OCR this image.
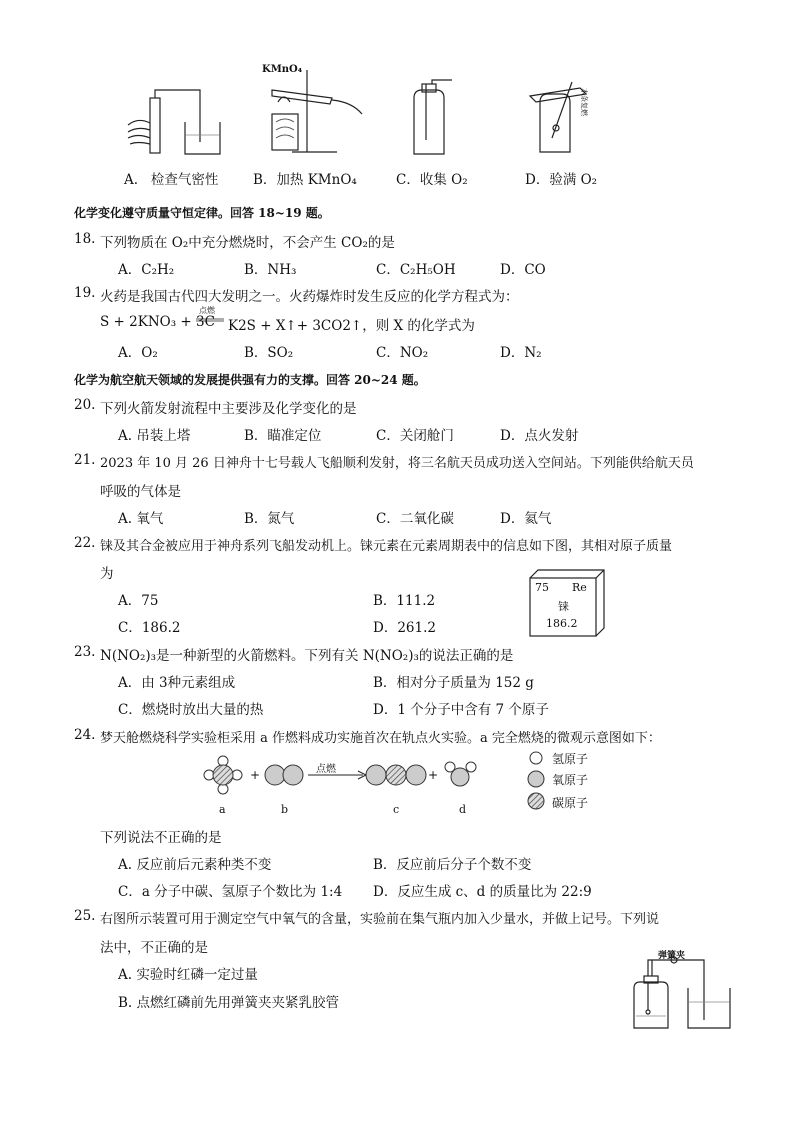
KMnO₄
木条复燃
A. 检查气密性	B．加热 KMnO₄	C．收集 O₂	D．验满 O₂
化学变化遵守质量守恒定律。回答 18~19 题。
18. 下列物质在 O₂中充分燃烧时，不会产生 CO₂的是
A．C₂H₂	B．NH₃	C．C₂H₅OH	D．CO
19. 火药是我国古代四大发明之一。火药爆炸时发生反应的化学方程式为：
S + 2KNO₃ + 3C
点燃
K2S + X↑+ 3CO2↑，则 X 的化学式为
A．O₂	B．SO₂	C．NO₂	D．N₂
化学为航空航天领域的发展提供强有力的支撑。回答 20~24 题。
20. 下列火箭发射流程中主要涉及化学变化的是
A. 吊装上塔	B．瞄准定位	C．关闭舱门	D．点火发射
21. 2023 年 10 月 26 日神舟十七号载人飞船顺利发射，将三名航天员成功送入空间站。下列能供给航天员
呼吸的气体是
A. 氧气	B．氮气	C．二氧化碳	D．氦气
22. 铼及其合金被应用于神舟系列飞船发动机上。铼元素在元素周期表中的信息如下图，其相对原子质量
为
A．75	B．111.2
C．186.2	D．261.2
75 Re
铼
186.2
23. N(NO₂)₃是一种新型的火箭燃料。下列有关 N(NO₂)₃的说法正确的是
A．由 3种元素组成	B．相对分子质量为 152 g
C．燃烧时放出大量的热	D．1 个分子中含有 7 个原子
24. 梦天舱燃烧科学实验柜采用 a 作燃料成功实施首次在轨点火实验。a 完全燃烧的微观示意图如下：
+	+
点燃
a	b	c	d
氢原子
氧原子
碳原子
下列说法不正确的是
A. 反应前后元素种类不变	B．反应前后分子个数不变
C．a 分子中碳、氢原子个数比为 1:4 D．反应生成 c、d 的质量比为 22:9
25. 右图所示装置可用于测定空气中氧气的含量，实验前在集气瓶内加入少量水，并做上记号。下列说
法中，不正确的是
A. 实验时红磷一定过量
B. 点燃红磷前先用弹簧夹夹紧乳胶管
弹簧夹
